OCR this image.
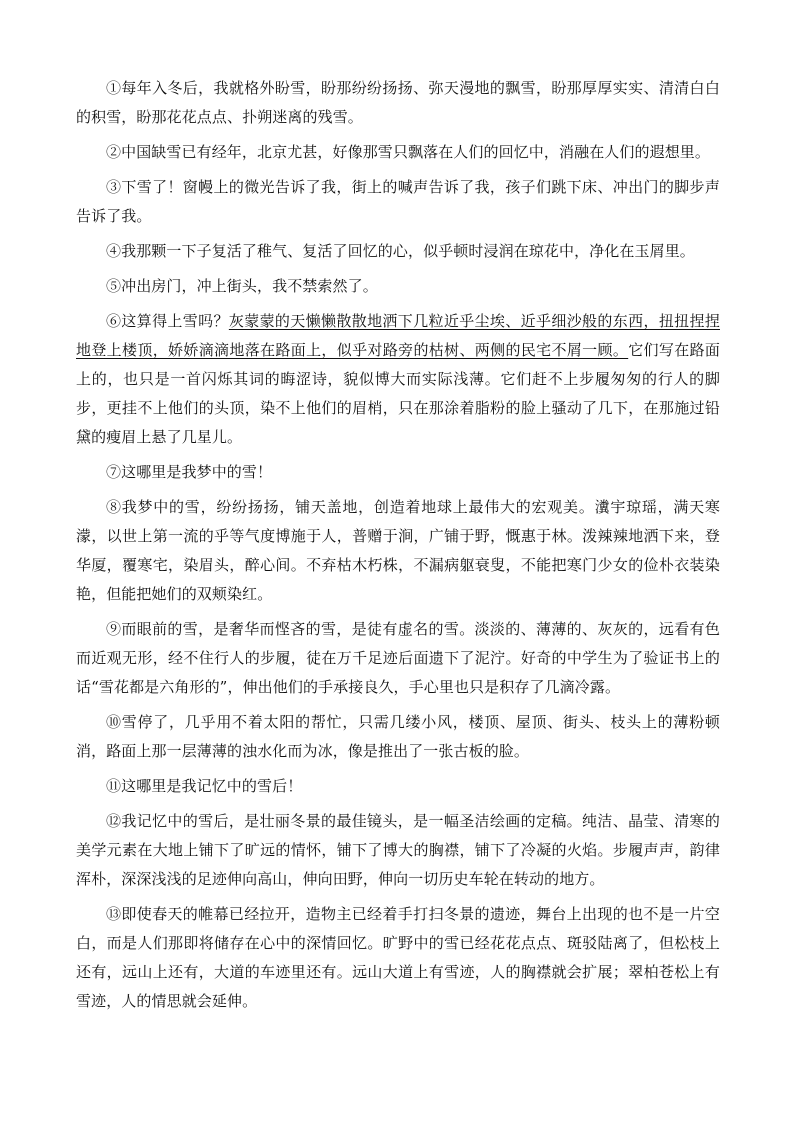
①每年入冬后，我就格外盼雪，盼那纷纷扬扬、弥天漫地的飘雪，盼那厚厚实实、清清白白的积雪，盼那花花点点、扑朔迷离的残雪。

②中国缺雪已有经年，北京尤甚，好像那雪只飘落在人们的回忆中，消融在人们的遐想里。

③下雪了！窗幔上的微光告诉了我，街上的喊声告诉了我，孩子们跳下床、冲出门的脚步声告诉了我。

④我那颗一下子复活了稚气、复活了回忆的心，似乎顿时浸润在琼花中，净化在玉屑里。

⑤冲出房门，冲上街头，我不禁索然了。

⑥这算得上雪吗？灰蒙蒙的天懒懒散散地洒下几粒近乎尘埃、近乎细沙般的东西，扭扭捏捏地登上楼顶，娇娇滴滴地落在路面上，似乎对路旁的枯树、两侧的民宅不屑一顾。它们写在路面上的，也只是一首闪烁其词的晦涩诗，貌似博大而实际浅薄。它们赶不上步履匆匆的行人的脚步，更挂不上他们的头顶，染不上他们的眉梢，只在那涂着脂粉的脸上骚动了几下，在那施过铅黛的瘦眉上悬了几星儿。

⑦这哪里是我梦中的雪！

⑧我梦中的雪，纷纷扬扬，铺天盖地，创造着地球上最伟大的宏观美。瀵宇琼瑶，满天寒濛，以世上第一流的乎等气度博施于人，普赠于涧，广铺于野，慨惠于林。泼辣辣地洒下来，登华厦，覆寒宅，染眉头，醉心间。不弃枯木朽株，不漏病躯衰叟，不能把寒门少女的俭朴衣装染艳，但能把她们的双颊染红。

⑨而眼前的雪，是奢华而悭吝的雪，是徒有虚名的雪。淡淡的、薄薄的、灰灰的，远看有色而近观无形，经不住行人的步履，徒在万千足迹后面遗下了泥泞。好奇的中学生为了验证书上的话“雪花都是六角形的”，伸出他们的手承接良久，手心里也只是积存了几滴冷露。

⑩雪停了，几乎用不着太阳的帮忙，只需几缕小风，楼顶、屋顶、街头、枝头上的薄粉顿消，路面上那一层薄薄的浊水化而为冰，像是推出了一张古板的脸。

⑪这哪里是我记忆中的雪后！

⑫我记忆中的雪后，是壮丽冬景的最佳镜头，是一幅圣洁绘画的定稿。纯洁、晶莹、清寒的美学元素在大地上铺下了旷远的情怀，铺下了博大的胸襟，铺下了冷凝的火焰。步履声声，韵律浑朴，深深浅浅的足迹伸向高山，伸向田野，伸向一切历史车轮在转动的地方。

⑬即使春天的帷幕已经拉开，造物主已经着手打扫冬景的遗迹，舞台上出现的也不是一片空白，而是人们那即将储存在心中的深情回忆。旷野中的雪已经花花点点、斑驳陆离了，但松枝上还有，远山上还有，大道的车迹里还有。远山大道上有雪迹，人的胸襟就会扩展；翠柏苍松上有雪迹，人的情思就会延伸。
